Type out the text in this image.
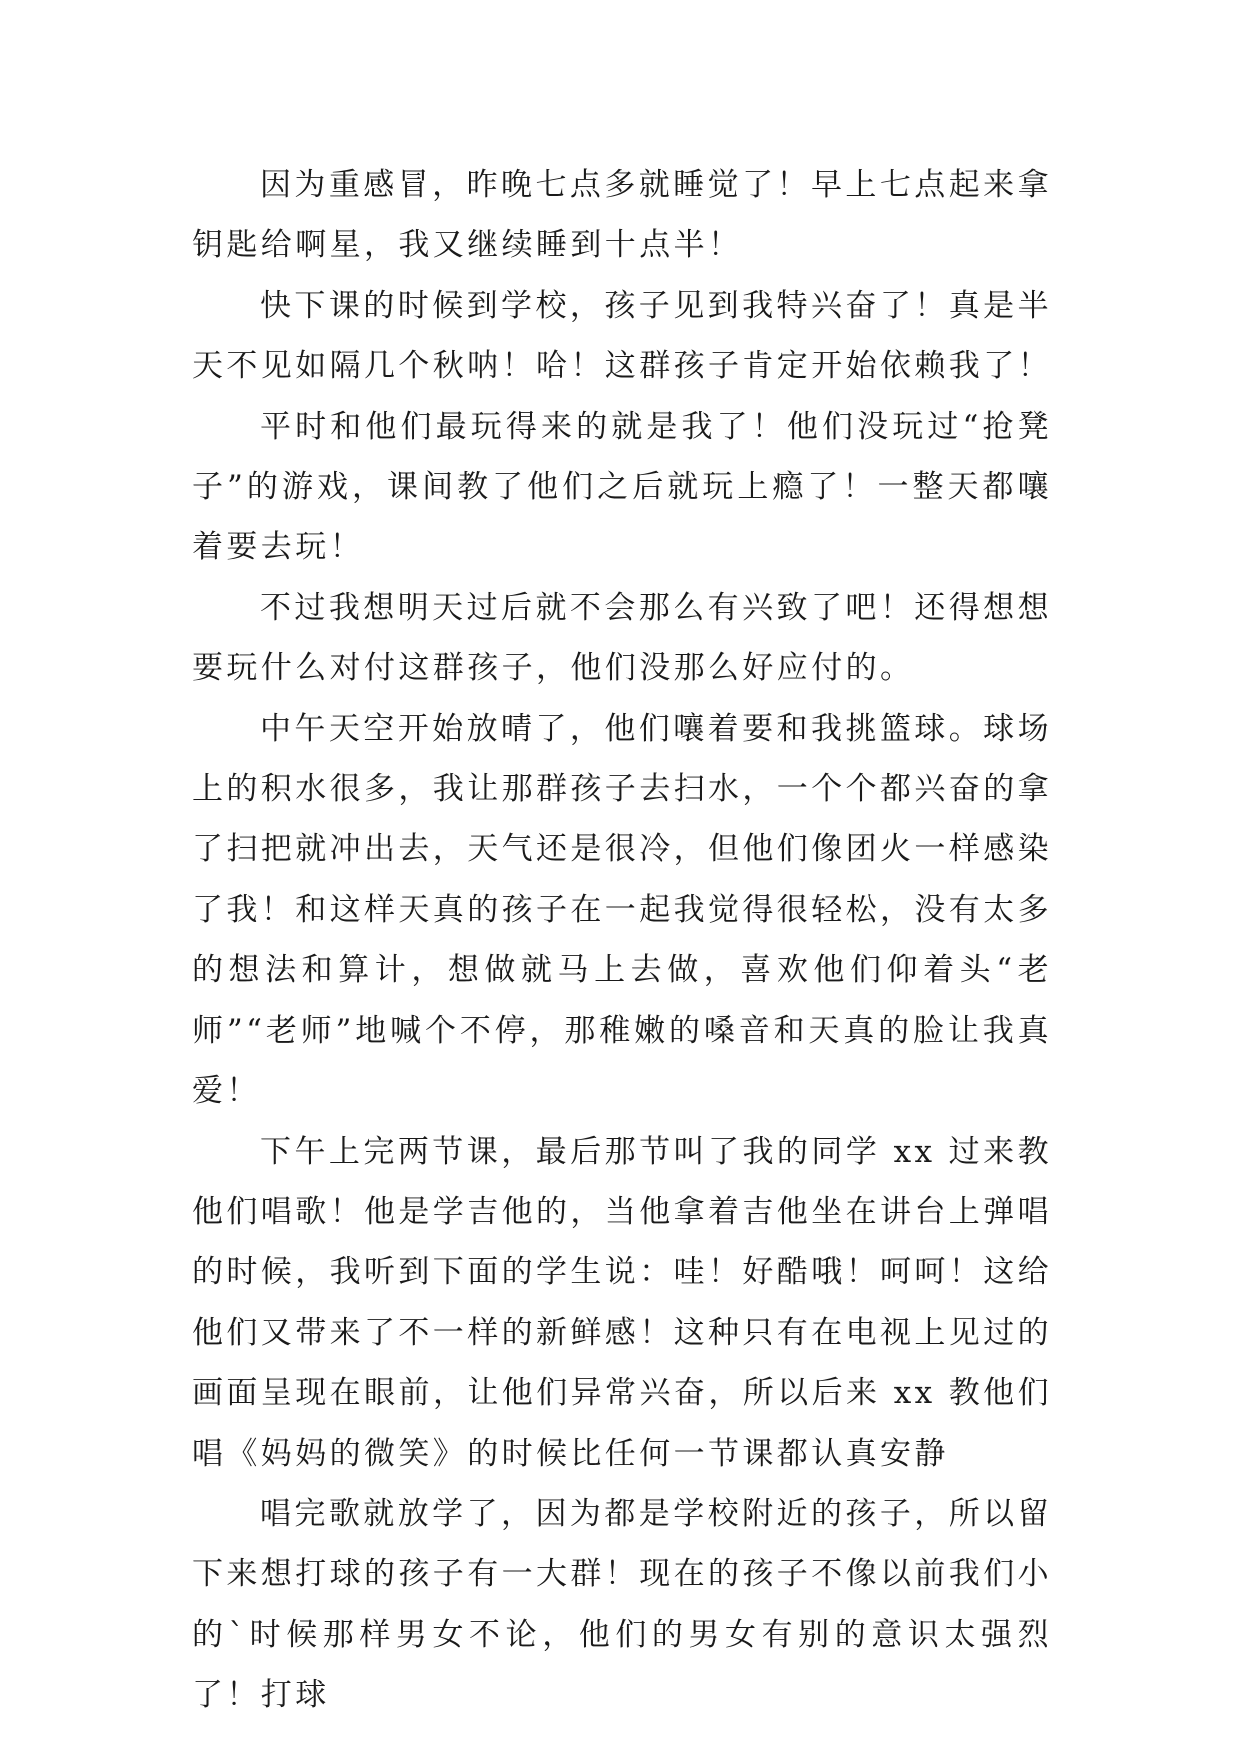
因为重感冒，昨晚七点多就睡觉了！早上七点起来拿钥匙给啊星，我又继续睡到十点半！

快下课的时候到学校，孩子见到我特兴奋了！真是半天不见如隔几个秋呐！哈！这群孩子肯定开始依赖我了！

平时和他们最玩得来的就是我了！他们没玩过“抢凳子”的游戏，课间教了他们之后就玩上瘾了！一整天都嚷着要去玩！

不过我想明天过后就不会那么有兴致了吧！还得想想要玩什么对付这群孩子，他们没那么好应付的。

中午天空开始放晴了，他们嚷着要和我挑篮球。球场上的积水很多，我让那群孩子去扫水，一个个都兴奋的拿了扫把就冲出去，天气还是很冷，但他们像团火一样感染了我！和这样天真的孩子在一起我觉得很轻松，没有太多的想法和算计，想做就马上去做，喜欢他们仰着头“老师”“老师”地喊个不停，那稚嫩的嗓音和天真的脸让我真爱！

下午上完两节课，最后那节叫了我的同学 xx 过来教他们唱歌！他是学吉他的，当他拿着吉他坐在讲台上弹唱的时候，我听到下面的学生说：哇！好酷哦！呵呵！这给他们又带来了不一样的新鲜感！这种只有在电视上见过的画面呈现在眼前，让他们异常兴奋，所以后来 xx 教他们唱《妈妈的微笑》的时候比任何一节课都认真安静

唱完歌就放学了，因为都是学校附近的孩子，所以留下来想打球的孩子有一大群！现在的孩子不像以前我们小的`时候那样男女不论，他们的男女有别的意识太强烈了！打球
